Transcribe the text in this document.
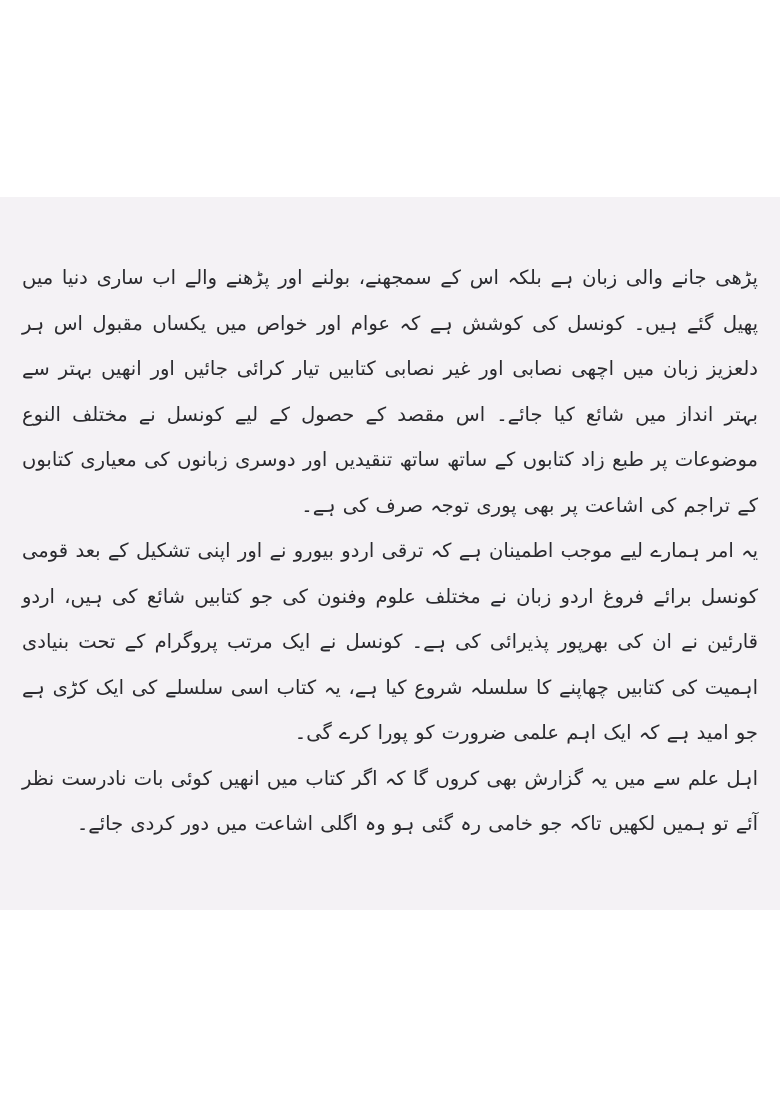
پڑھی جانے والی زبان ہے بلکہ اس کے سمجھنے، بولنے اور پڑھنے والے اب ساری دنیا میں پھیل گئے ہیں۔ کونسل کی کوشش ہے کہ عوام اور خواص میں یکساں مقبول اس ہر دلعزیز زبان میں اچھی نصابی اور غیر نصابی کتابیں تیار کرائی جائیں اور انھیں بہتر سے بہتر انداز میں شائع کیا جائے۔ اس مقصد کے حصول کے لیے کونسل نے مختلف النوع موضوعات پر طبع زاد کتابوں کے ساتھ ساتھ تنقیدیں اور دوسری زبانوں کی معیاری کتابوں کے تراجم کی اشاعت پر بھی پوری توجہ صرف کی ہے۔

یہ امر ہمارے لیے موجب اطمینان ہے کہ ترقی اردو بیورو نے اور اپنی تشکیل کے بعد قومی کونسل برائے فروغ اردو زبان نے مختلف علوم وفنون کی جو کتابیں شائع کی ہیں، اردو قارئین نے ان کی بھرپور پذیرائی کی ہے۔ کونسل نے ایک مرتب پروگرام کے تحت بنیادی اہمیت کی کتابیں چھاپنے کا سلسلہ شروع کیا ہے، یہ کتاب اسی سلسلے کی ایک کڑی ہے جو امید ہے کہ ایک اہم علمی ضرورت کو پورا کرے گی۔

اہل علم سے میں یہ گزارش بھی کروں گا کہ اگر کتاب میں انھیں کوئی بات نادرست نظر آئے تو ہمیں لکھیں تاکہ جو خامی رہ گئی ہو وہ اگلی اشاعت میں دور کردی جائے۔
